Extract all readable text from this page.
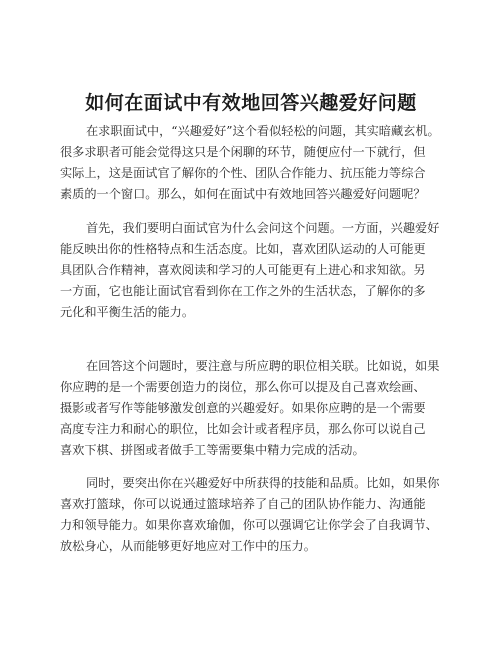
如何在面试中有效地回答兴趣爱好问题
在求职面试中，“兴趣爱好”这个看似轻松的问题，其实暗藏玄机。
很多求职者可能会觉得这只是个闲聊的环节，随便应付一下就行，但
实际上，这是面试官了解你的个性、团队合作能力、抗压能力等综合
素质的一个窗口。那么，如何在面试中有效地回答兴趣爱好问题呢？
首先，我们要明白面试官为什么会问这个问题。一方面，兴趣爱好
能反映出你的性格特点和生活态度。比如，喜欢团队运动的人可能更
具团队合作精神，喜欢阅读和学习的人可能更有上进心和求知欲。另
一方面，它也能让面试官看到你在工作之外的生活状态，了解你的多
元化和平衡生活的能力。
在回答这个问题时，要注意与所应聘的职位相关联。比如说，如果
你应聘的是一个需要创造力的岗位，那么你可以提及自己喜欢绘画、
摄影或者写作等能够激发创意的兴趣爱好。如果你应聘的是一个需要
高度专注力和耐心的职位，比如会计或者程序员，那么你可以说自己
喜欢下棋、拼图或者做手工等需要集中精力完成的活动。
同时，要突出你在兴趣爱好中所获得的技能和品质。比如，如果你
喜欢打篮球，你可以说通过篮球培养了自己的团队协作能力、沟通能
力和领导能力。如果你喜欢瑜伽，你可以强调它让你学会了自我调节、
放松身心，从而能够更好地应对工作中的压力。
